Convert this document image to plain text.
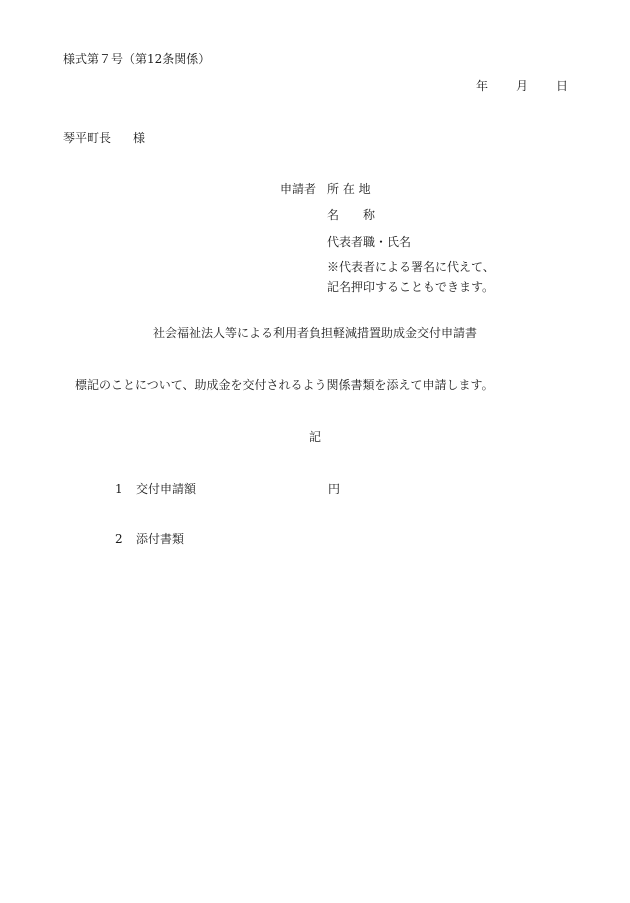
様式第７号（第12条関係）
年 月 日
琴平町長 様
申請者 所 在 地
名　　称
代表者職・氏名
※代表者による署名に代えて、
記名押印することもできます。
社会福祉法人等による利用者負担軽減措置助成金交付申請書
標記のことについて、助成金を交付されるよう関係書類を添えて申請します。
記
1 交付申請額	円
2 添付書類
